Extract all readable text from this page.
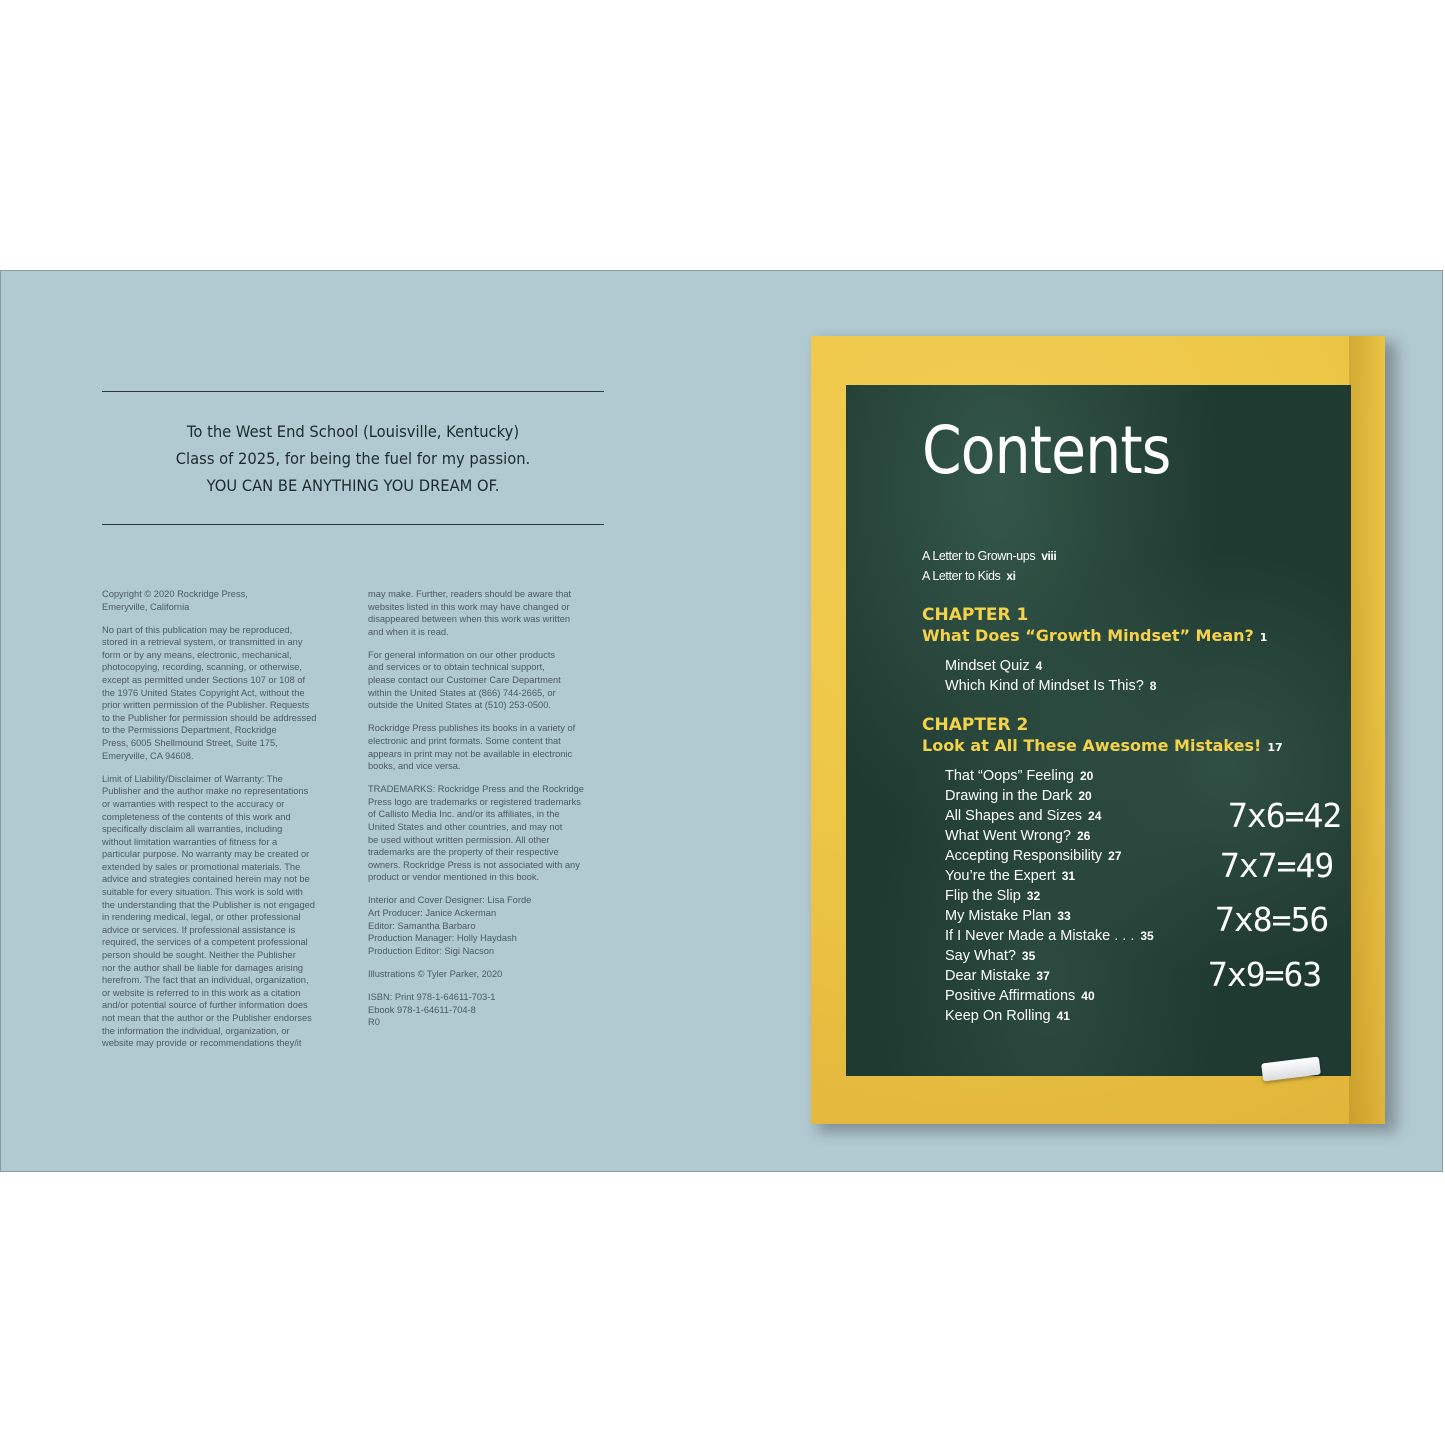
To the West End School (Louisville, Kentucky)
Class of 2025, for being the fuel for my passion.
YOU CAN BE ANYTHING YOU DREAM OF.

Copyright © 2020 Rockridge Press,
Emeryville, California

No part of this publication may be reproduced,
stored in a retrieval system, or transmitted in any
form or by any means, electronic, mechanical,
photocopying, recording, scanning, or otherwise,
except as permitted under Sections 107 or 108 of
the 1976 United States Copyright Act, without the
prior written permission of the Publisher. Requests
to the Publisher for permission should be addressed
to the Permissions Department, Rockridge
Press, 6005 Shellmound Street, Suite 175,
Emeryville, CA 94608.

Limit of Liability/Disclaimer of Warranty: The
Publisher and the author make no representations
or warranties with respect to the accuracy or
completeness of the contents of this work and
specifically disclaim all warranties, including
without limitation warranties of fitness for a
particular purpose. No warranty may be created or
extended by sales or promotional materials. The
advice and strategies contained herein may not be
suitable for every situation. This work is sold with
the understanding that the Publisher is not engaged
in rendering medical, legal, or other professional
advice or services. If professional assistance is
required, the services of a competent professional
person should be sought. Neither the Publisher
nor the author shall be liable for damages arising
herefrom. The fact that an individual, organization,
or website is referred to in this work as a citation
and/or potential source of further information does
not mean that the author or the Publisher endorses
the information the individual, organization, or
website may provide or recommendations they/it

may make. Further, readers should be aware that
websites listed in this work may have changed or
disappeared between when this work was written
and when it is read.

For general information on our other products
and services or to obtain technical support,
please contact our Customer Care Department
within the United States at (866) 744-2665, or
outside the United States at (510) 253-0500.

Rockridge Press publishes its books in a variety of
electronic and print formats. Some content that
appears in print may not be available in electronic
books, and vice versa.

TRADEMARKS: Rockridge Press and the Rockridge
Press logo are trademarks or registered trademarks
of Callisto Media Inc. and/or its affiliates, in the
United States and other countries, and may not
be used without written permission. All other
trademarks are the property of their respective
owners. Rockridge Press is not associated with any
product or vendor mentioned in this book.

Interior and Cover Designer: Lisa Forde
Art Producer: Janice Ackerman
Editor: Samantha Barbaro
Production Manager: Holly Haydash
Production Editor: Sigi Nacson

Illustrations © Tyler Parker, 2020

ISBN: Print 978-1-64611-703-1
Ebook 978-1-64611-704-8
R0

Contents
A Letter to Grown-ups viii
A Letter to Kids xi
CHAPTER 1
What Does “Growth Mindset” Mean? 1
Mindset Quiz 4
Which Kind of Mindset Is This? 8
CHAPTER 2
Look at All These Awesome Mistakes! 17
That “Oops” Feeling 20
Drawing in the Dark 20
All Shapes and Sizes 24
What Went Wrong? 26
Accepting Responsibility 27
You’re the Expert 31
Flip the Slip 32
My Mistake Plan 33
If I Never Made a Mistake . . . 35
Say What? 35
Dear Mistake 37
Positive Affirmations 40
Keep On Rolling 41
7x6=42
7x7=49
7x8=56
7x9=63
